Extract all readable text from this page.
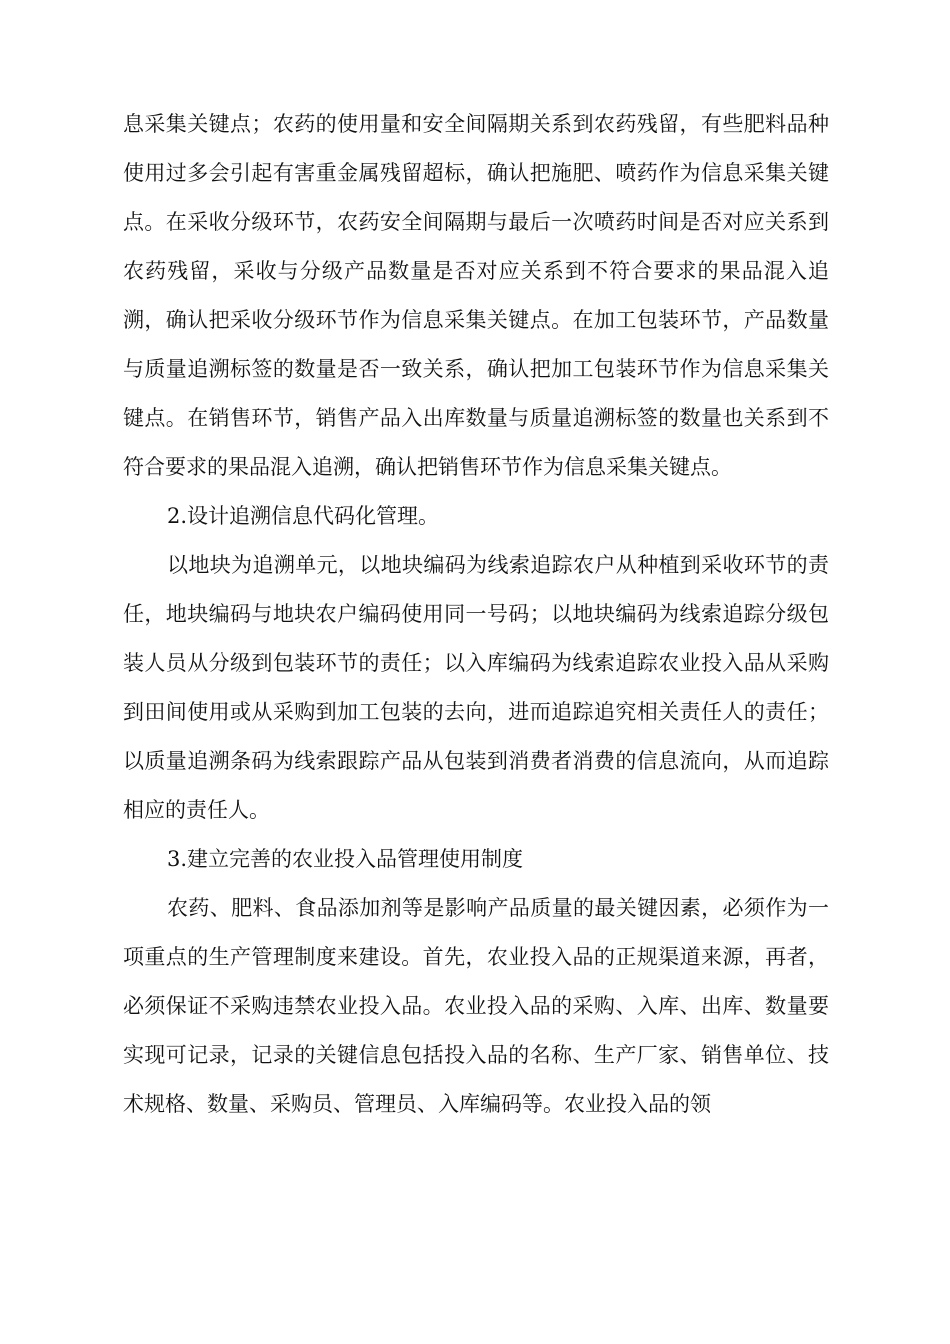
息采集关键点；农药的使用量和安全间隔期关系到农药残留，有些肥料品种使用过多会引起有害重金属残留超标，确认把施肥、喷药作为信息采集关键点。在采收分级环节，农药安全间隔期与最后一次喷药时间是否对应关系到农药残留，采收与分级产品数量是否对应关系到不符合要求的果品混入追溯，确认把采收分级环节作为信息采集关键点。在加工包装环节，产品数量与质量追溯标签的数量是否一致关系，确认把加工包装环节作为信息采集关键点。在销售环节，销售产品入出库数量与质量追溯标签的数量也关系到不符合要求的果品混入追溯，确认把销售环节作为信息采集关键点。

2.设计追溯信息代码化管理。

以地块为追溯单元，以地块编码为线索追踪农户从种植到采收环节的责任，地块编码与地块农户编码使用同一号码；以地块编码为线索追踪分级包装人员从分级到包装环节的责任；以入库编码为线索追踪农业投入品从采购到田间使用或从采购到加工包装的去向，进而追踪追究相关责任人的责任；以质量追溯条码为线索跟踪产品从包装到消费者消费的信息流向，从而追踪相应的责任人。

3.建立完善的农业投入品管理使用制度

农药、肥料、食品添加剂等是影响产品质量的最关键因素，必须作为一项重点的生产管理制度来建设。首先，农业投入品的正规渠道来源，再者，必须保证不采购违禁农业投入品。农业投入品的采购、入库、出库、数量要实现可记录，记录的关键信息包括投入品的名称、生产厂家、销售单位、技术规格、数量、采购员、管理员、入库编码等。农业投入品的领
